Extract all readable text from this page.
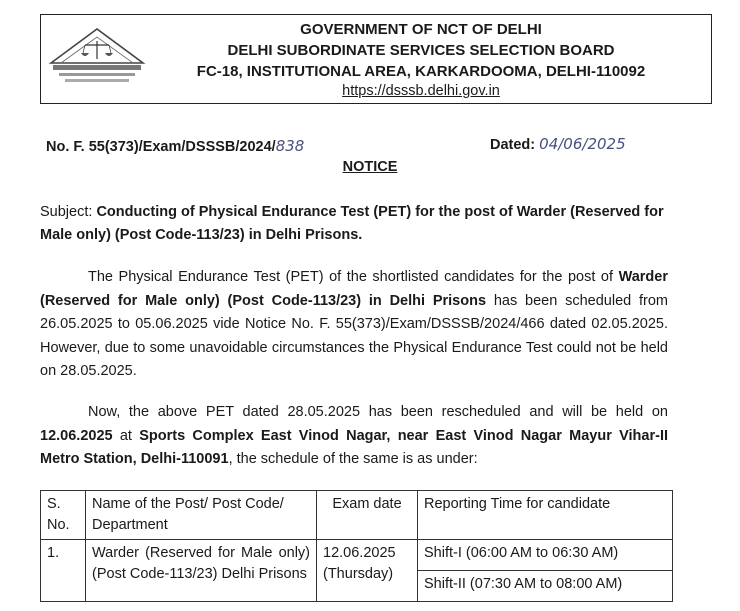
GOVERNMENT OF NCT OF DELHI
DELHI SUBORDINATE SERVICES SELECTION BOARD
FC-18, INSTITUTIONAL AREA, KARKARDOOMA, DELHI-110092
https://dsssb.delhi.gov.in
No. F. 55(373)/Exam/DSSSB/2024/838	Dated: 04/06/2025
NOTICE
Subject: Conducting of Physical Endurance Test (PET) for the post of Warder (Reserved for Male only) (Post Code-113/23) in Delhi Prisons.
The Physical Endurance Test (PET) of the shortlisted candidates for the post of Warder (Reserved for Male only) (Post Code-113/23) in Delhi Prisons has been scheduled from 26.05.2025 to 05.06.2025 vide Notice No. F. 55(373)/Exam/DSSSB/2024/466 dated 02.05.2025. However, due to some unavoidable circumstances the Physical Endurance Test could not be held on 28.05.2025.
Now, the above PET dated 28.05.2025 has been rescheduled and will be held on 12.06.2025 at Sports Complex East Vinod Nagar, near East Vinod Nagar Mayur Vihar-II Metro Station, Delhi-110091, the schedule of the same is as under:
S. No.	Name of the Post/ Post Code/ Department	Exam date	Reporting Time for candidate
1.	Warder (Reserved for Male only) (Post Code-113/23) Delhi Prisons	12.06.2025 (Thursday)	Shift-I (06:00 AM to 06:30 AM)
Shift-II (07:30 AM to 08:00 AM)
